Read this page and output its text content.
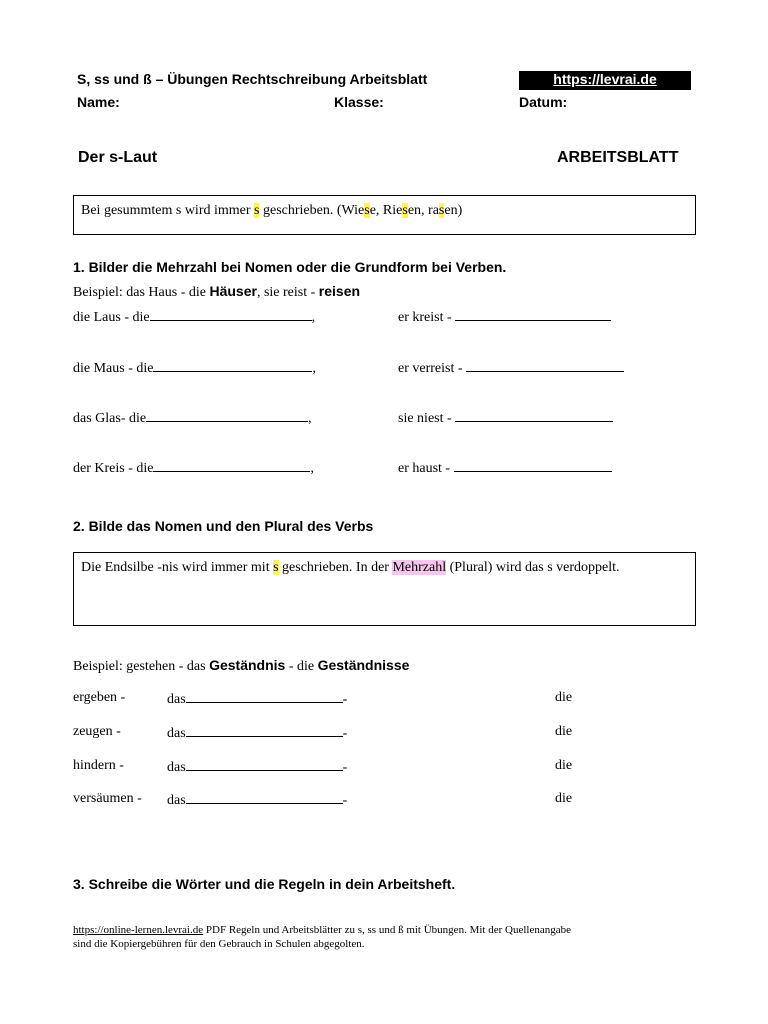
S, ss und ß – Übungen Rechtschreibung Arbeitsblatt	https://levrai.de
Name:	Klasse:	Datum:
Der s-Laut	ARBEITSBLATT
Bei gesummtem s wird immer s geschrieben. (Wiese, Riesen, rasen)
1. Bilder die Mehrzahl bei Nomen oder die Grundform bei Verben.
Beispiel: das Haus - die Häuser, sie reist - reisen
die Laus - die	,	er kreist -
die Maus - die	,	er verreist -
das Glas- die	,	sie niest -
der Kreis - die	,	er haust -
2. Bilde das Nomen und den Plural des Verbs
Die Endsilbe -nis wird immer mit s geschrieben. In der Mehrzahl (Plural) wird das s verdoppelt.
Beispiel: gestehen - das Geständnis - die Geständnisse
ergeben -	das	-	die
zeugen -	das	-	die
hindern -	das	-	die
versäumen - das	-	die
3. Schreibe die Wörter und die Regeln in dein Arbeitsheft.
https://online-lernen.levrai.de PDF Regeln und Arbeitsblätter zu s, ss und ß mit Übungen. Mit der Quellenangabe sind die Kopiergebühren für den Gebrauch in Schulen abgegolten.
